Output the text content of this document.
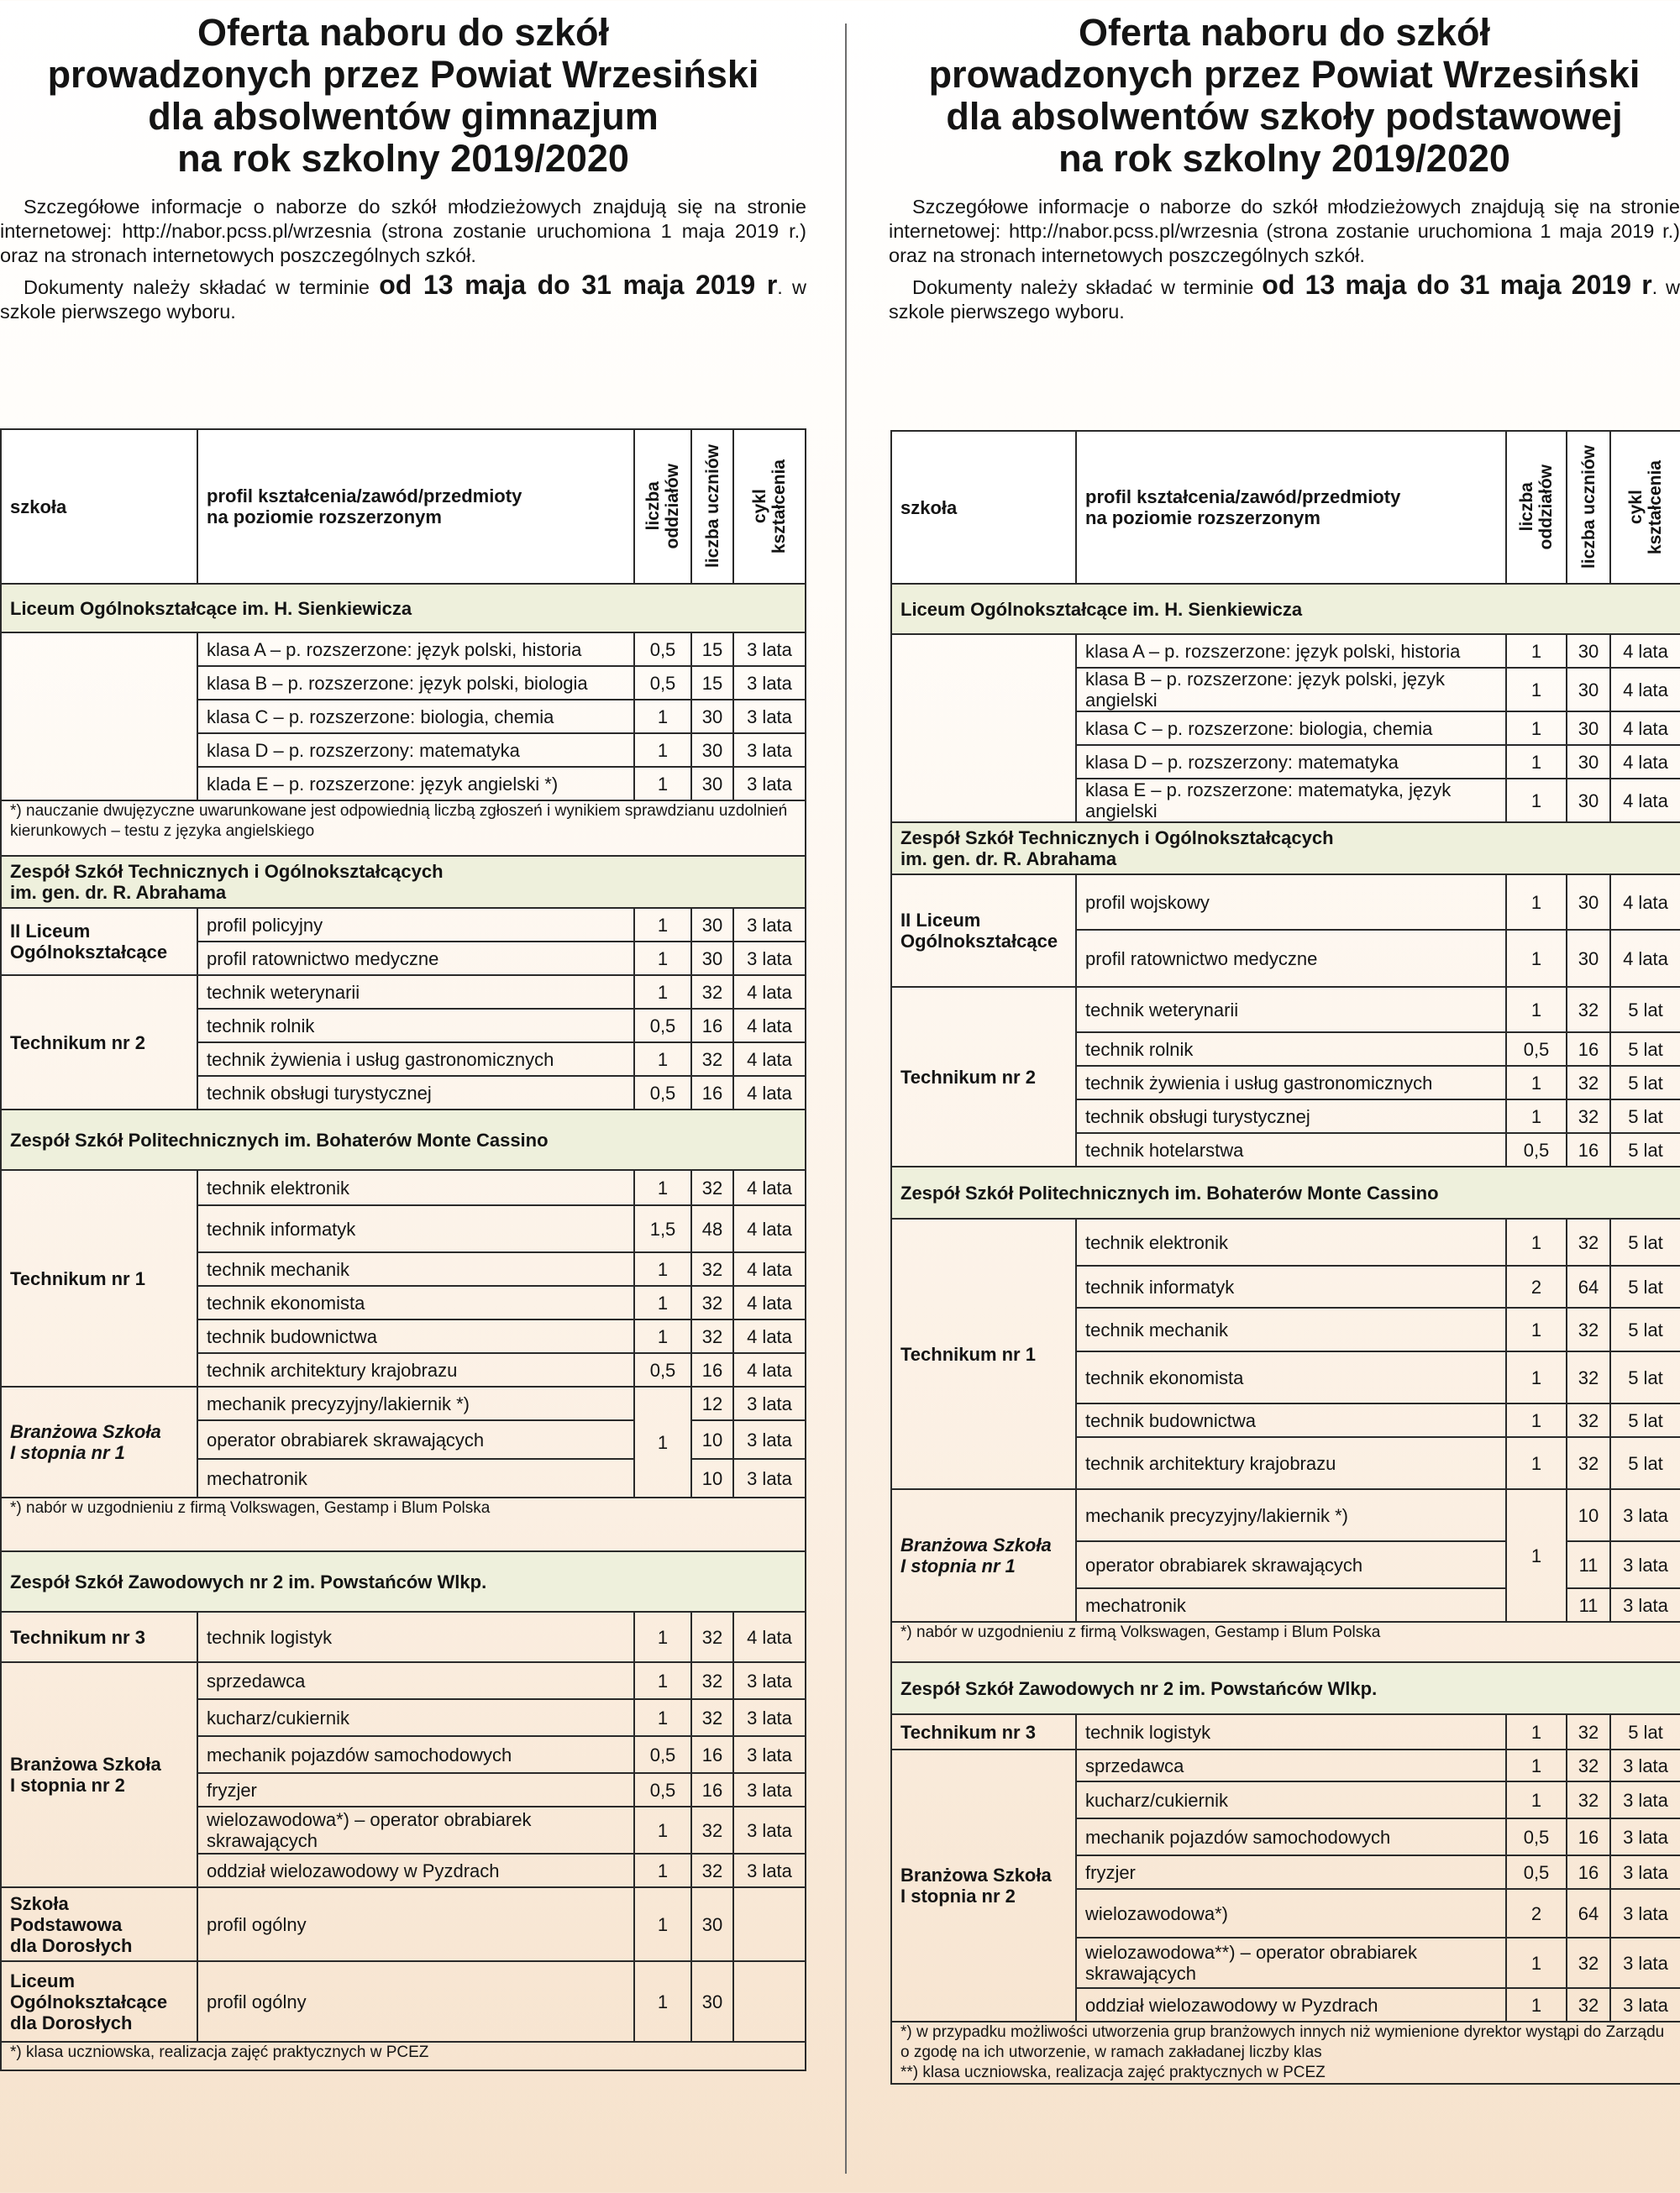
Oferta naboru do szkół
prowadzonych przez Powiat Wrzesiński
dla absolwentów gimnazjum
na rok szkolny 2019/2020

Szczegółowe informacje o naborze do szkół młodzieżowych znajdują się na stronie internetowej: http://nabor.pcss.pl/wrzesnia (strona zostanie uruchomiona 1 maja 2019 r.) oraz na stronach internetowych poszczególnych szkół.

Dokumenty należy składać w terminie od 13 maja do 31 maja 2019 r. w szkole pierwszego wyboru.

Oferta naboru do szkół
prowadzonych przez Powiat Wrzesiński
dla absolwentów szkoły podstawowej
na rok szkolny 2019/2020

Szczegółowe informacje o naborze do szkół młodzieżowych znajdują się na stronie internetowej: http://nabor.pcss.pl/wrzesnia (strona zostanie uruchomiona 1 maja 2019 r.) oraz na stronach internetowych poszczególnych szkół.

Dokumenty należy składać w terminie od 13 maja do 31 maja 2019 r. w szkole pierwszego wyboru.

szkoła	profil kształcenia/zawód/przedmioty
na poziomie rozszerzonym	liczba
oddziałów	liczba uczniów	cykl
kształcenia

Liceum Ogólnokształcące im. H. Sienkiewicza				
	klasa A – p. rozszerzone: język polski, historia	0,5	15	3 lata
	klasa B – p. rozszerzone: język polski, biologia	0,5	15	3 lata
	klasa C – p. rozszerzone: biologia, chemia	1	30	3 lata
	klasa D – p. rozszerzony: matematyka	1	30	3 lata
	klada E – p. rozszerzone: język angielski *)	1	30	3 lata
*) nauczanie dwujęzyczne uwarunkowane jest odpowiednią liczbą zgłoszeń i wynikiem sprawdzianu uzdolnień kierunkowych – testu z języka angielskiego				
Zespół Szkół Technicznych i Ogólnokształcących
im. gen. dr. R. Abrahama				
II Liceum
Ogólnokształcące	profil policyjny	1	30	3 lata
	profil ratownictwo medyczne	1	30	3 lata
Technikum nr 2	technik weterynarii	1	32	4 lata
	technik rolnik	0,5	16	4 lata
	technik żywienia i usług gastronomicznych	1	32	4 lata
	technik obsługi turystycznej	0,5	16	4 lata
Zespół Szkół Politechnicznych im. Bohaterów Monte Cassino				
Technikum nr 1	technik elektronik	1	32	4 lata
	technik informatyk	1,5	48	4 lata
	technik mechanik	1	32	4 lata
	technik ekonomista	1	32	4 lata
	technik budownictwa	1	32	4 lata
	technik architektury krajobrazu	0,5	16	4 lata
Branżowa Szkoła
I stopnia nr 1	mechanik precyzyjny/lakiernik *)	1	12	3 lata
	operator obrabiarek skrawających		10	3 lata
	mechatronik		10	3 lata
*) nabór w uzgodnieniu z firmą Volkswagen, Gestamp i Blum Polska				
Zespół Szkół Zawodowych nr 2 im. Powstańców Wlkp.				
Technikum nr 3	technik logistyk	1	32	4 lata
Branżowa Szkoła
I stopnia nr 2	sprzedawca	1	32	3 lata
	kucharz/cukiernik	1	32	3 lata
	mechanik pojazdów samochodowych	0,5	16	3 lata
	fryzjer	0,5	16	3 lata
	wielozawodowa*) – operator obrabiarek skrawających	1	32	3 lata
	oddział wielozawodowy w Pyzdrach	1	32	3 lata
Szkoła
Podstawowa
dla Dorosłych	profil ogólny	1	30	
Liceum
Ogólnokształcące
dla Dorosłych	profil ogólny	1	30	
*) klasa uczniowska, realizacja zajęć praktycznych w PCEZ				
szkoła	profil kształcenia/zawód/przedmioty
na poziomie rozszerzonym	liczba
oddziałów	liczba uczniów	cykl
kształcenia

Liceum Ogólnokształcące im. H. Sienkiewicza				
	klasa A – p. rozszerzone: język polski, historia	1	30	4 lata
	klasa B – p. rozszerzone: język polski, język angielski	1	30	4 lata
	klasa C – p. rozszerzone: biologia, chemia	1	30	4 lata
	klasa D – p. rozszerzony: matematyka	1	30	4 lata
	klasa E – p. rozszerzone: matematyka, język angielski	1	30	4 lata
Zespół Szkół Technicznych i Ogólnokształcących
im. gen. dr. R. Abrahama				
II Liceum
Ogólnokształcące	profil wojskowy	1	30	4 lata
	profil ratownictwo medyczne	1	30	4 lata
Technikum nr 2	technik weterynarii	1	32	5 lat
	technik rolnik	0,5	16	5 lat
	technik żywienia i usług gastronomicznych	1	32	5 lat
	technik obsługi turystycznej	1	32	5 lat
	technik hotelarstwa	0,5	16	5 lat
Zespół Szkół Politechnicznych im. Bohaterów Monte Cassino				
Technikum nr 1	technik elektronik	1	32	5 lat
	technik informatyk	2	64	5 lat
	technik mechanik	1	32	5 lat
	technik ekonomista	1	32	5 lat
	technik budownictwa	1	32	5 lat
	technik architektury krajobrazu	1	32	5 lat
Branżowa Szkoła
I stopnia nr 1	mechanik precyzyjny/lakiernik *)	1	10	3 lata
	operator obrabiarek skrawających		11	3 lata
	mechatronik		11	3 lata
*) nabór w uzgodnieniu z firmą Volkswagen, Gestamp i Blum Polska				
Zespół Szkół Zawodowych nr 2 im. Powstańców Wlkp.				
Technikum nr 3	technik logistyk	1	32	5 lat
Branżowa Szkoła
I stopnia nr 2	sprzedawca	1	32	3 lata
	kucharz/cukiernik	1	32	3 lata
	mechanik pojazdów samochodowych	0,5	16	3 lata
	fryzjer	0,5	16	3 lata
	wielozawodowa*)	2	64	3 lata
	wielozawodowa**) – operator obrabiarek skrawających	1	32	3 lata
	oddział wielozawodowy w Pyzdrach	1	32	3 lata
*) w przypadku możliwości utworzenia grup branżowych innych niż wymienione dyrektor wystąpi do Zarządu o zgodę na ich utworzenie, w ramach zakładanej liczby klas
**) klasa uczniowska, realizacja zajęć praktycznych w PCEZ				
